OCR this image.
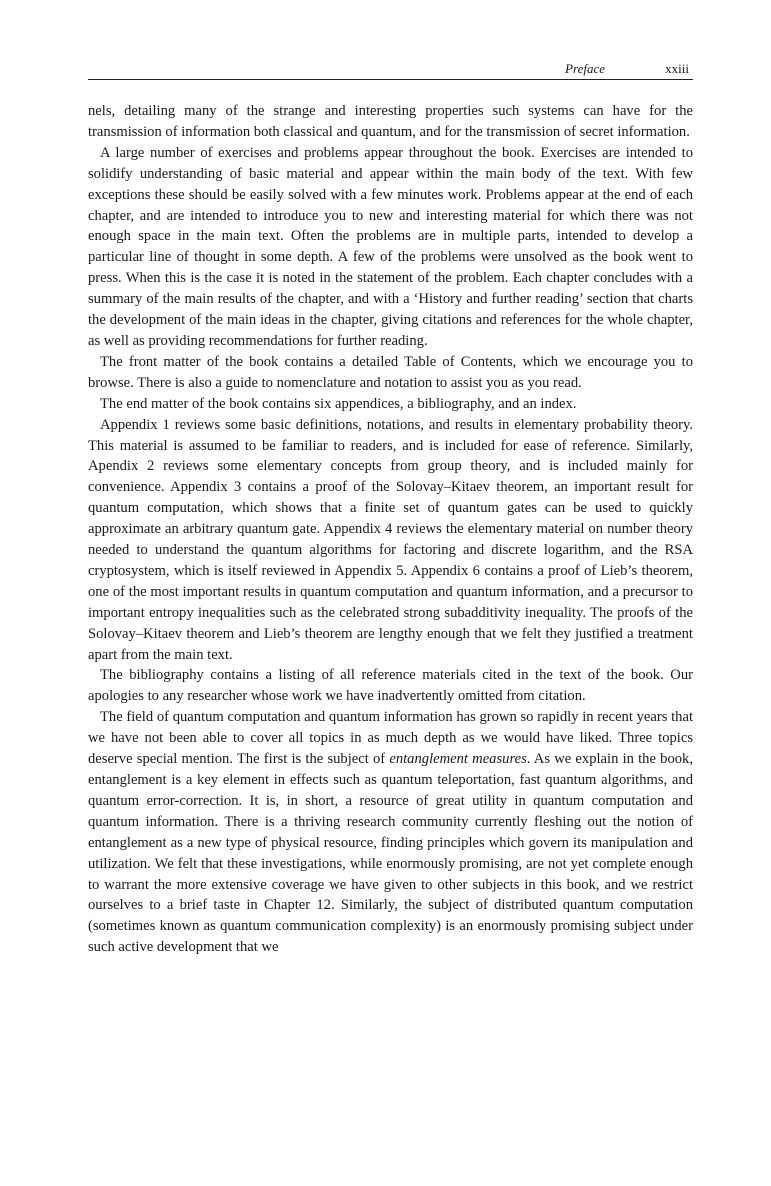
Preface	xxiii

nels, detailing many of the strange and interesting properties such systems can have for the transmission of information both classical and quantum, and for the transmission of secret information.

A large number of exercises and problems appear throughout the book. Exercises are intended to solidify understanding of basic material and appear within the main body of the text. With few exceptions these should be easily solved with a few minutes work. Problems appear at the end of each chapter, and are intended to introduce you to new and interesting material for which there was not enough space in the main text. Often the problems are in multiple parts, intended to develop a particular line of thought in some depth. A few of the problems were unsolved as the book went to press. When this is the case it is noted in the statement of the problem. Each chapter concludes with a summary of the main results of the chapter, and with a ‘History and further reading’ section that charts the development of the main ideas in the chapter, giving citations and references for the whole chapter, as well as providing recommendations for further reading.

The front matter of the book contains a detailed Table of Contents, which we encourage you to browse. There is also a guide to nomenclature and notation to assist you as you read.

The end matter of the book contains six appendices, a bibliography, and an index.

Appendix 1 reviews some basic definitions, notations, and results in elementary probability theory. This material is assumed to be familiar to readers, and is included for ease of reference. Similarly, Apendix 2 reviews some elementary concepts from group theory, and is included mainly for convenience. Appendix 3 contains a proof of the Solovay–Kitaev theorem, an important result for quantum computation, which shows that a finite set of quantum gates can be used to quickly approximate an arbitrary quantum gate. Appendix 4 reviews the elementary material on number theory needed to understand the quantum algorithms for factoring and discrete logarithm, and the RSA cryptosystem, which is itself reviewed in Appendix 5. Appendix 6 contains a proof of Lieb’s theorem, one of the most important results in quantum computation and quantum information, and a precursor to important entropy inequalities such as the celebrated strong subadditivity inequality. The proofs of the Solovay–Kitaev theorem and Lieb’s theorem are lengthy enough that we felt they justified a treatment apart from the main text.

The bibliography contains a listing of all reference materials cited in the text of the book. Our apologies to any researcher whose work we have inadvertently omitted from citation.

The field of quantum computation and quantum information has grown so rapidly in recent years that we have not been able to cover all topics in as much depth as we would have liked. Three topics deserve special mention. The first is the subject of entanglement measures. As we explain in the book, entanglement is a key element in effects such as quantum teleportation, fast quantum algorithms, and quantum error-correction. It is, in short, a resource of great utility in quantum computation and quantum information. There is a thriving research community currently fleshing out the notion of entanglement as a new type of physical resource, finding principles which govern its manipulation and utilization. We felt that these investigations, while enormously promising, are not yet complete enough to warrant the more extensive coverage we have given to other subjects in this book, and we restrict ourselves to a brief taste in Chapter 12. Similarly, the subject of distributed quantum computation (sometimes known as quantum communication complexity) is an enormously promising subject under such active development that we
